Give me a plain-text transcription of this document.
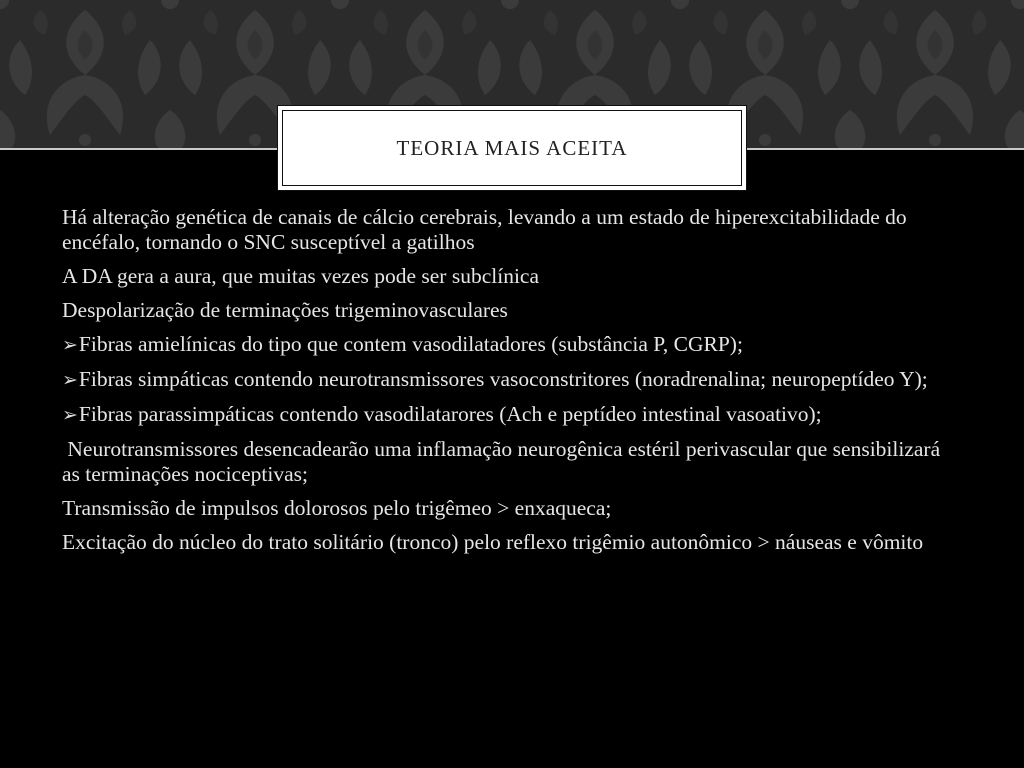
TEORIA MAIS ACEITA

Há alteração genética de canais de cálcio cerebrais, levando a um estado de hiperexcitabilidade do encéfalo, tornando o SNC susceptível a gatilhos

A DA gera a aura, que muitas vezes pode ser subclínica

Despolarização de terminações trigeminovasculares

➢Fibras amielínicas do tipo que contem vasodilatadores (substância P, CGRP);

➢Fibras simpáticas contendo neurotransmissores vasoconstritores (noradrenalina; neuropeptídeo Y);

➢Fibras parassimpáticas contendo vasodilatarores (Ach e peptídeo intestinal vasoativo);

Neurotransmissores desencadearão uma inflamação neurogênica estéril perivascular que sensibilizará as terminações nociceptivas;

Transmissão de impulsos dolorosos pelo trigêmeo > enxaqueca;

Excitação do núcleo do trato solitário (tronco) pelo reflexo trigêmio autonômico > náuseas e vômito
